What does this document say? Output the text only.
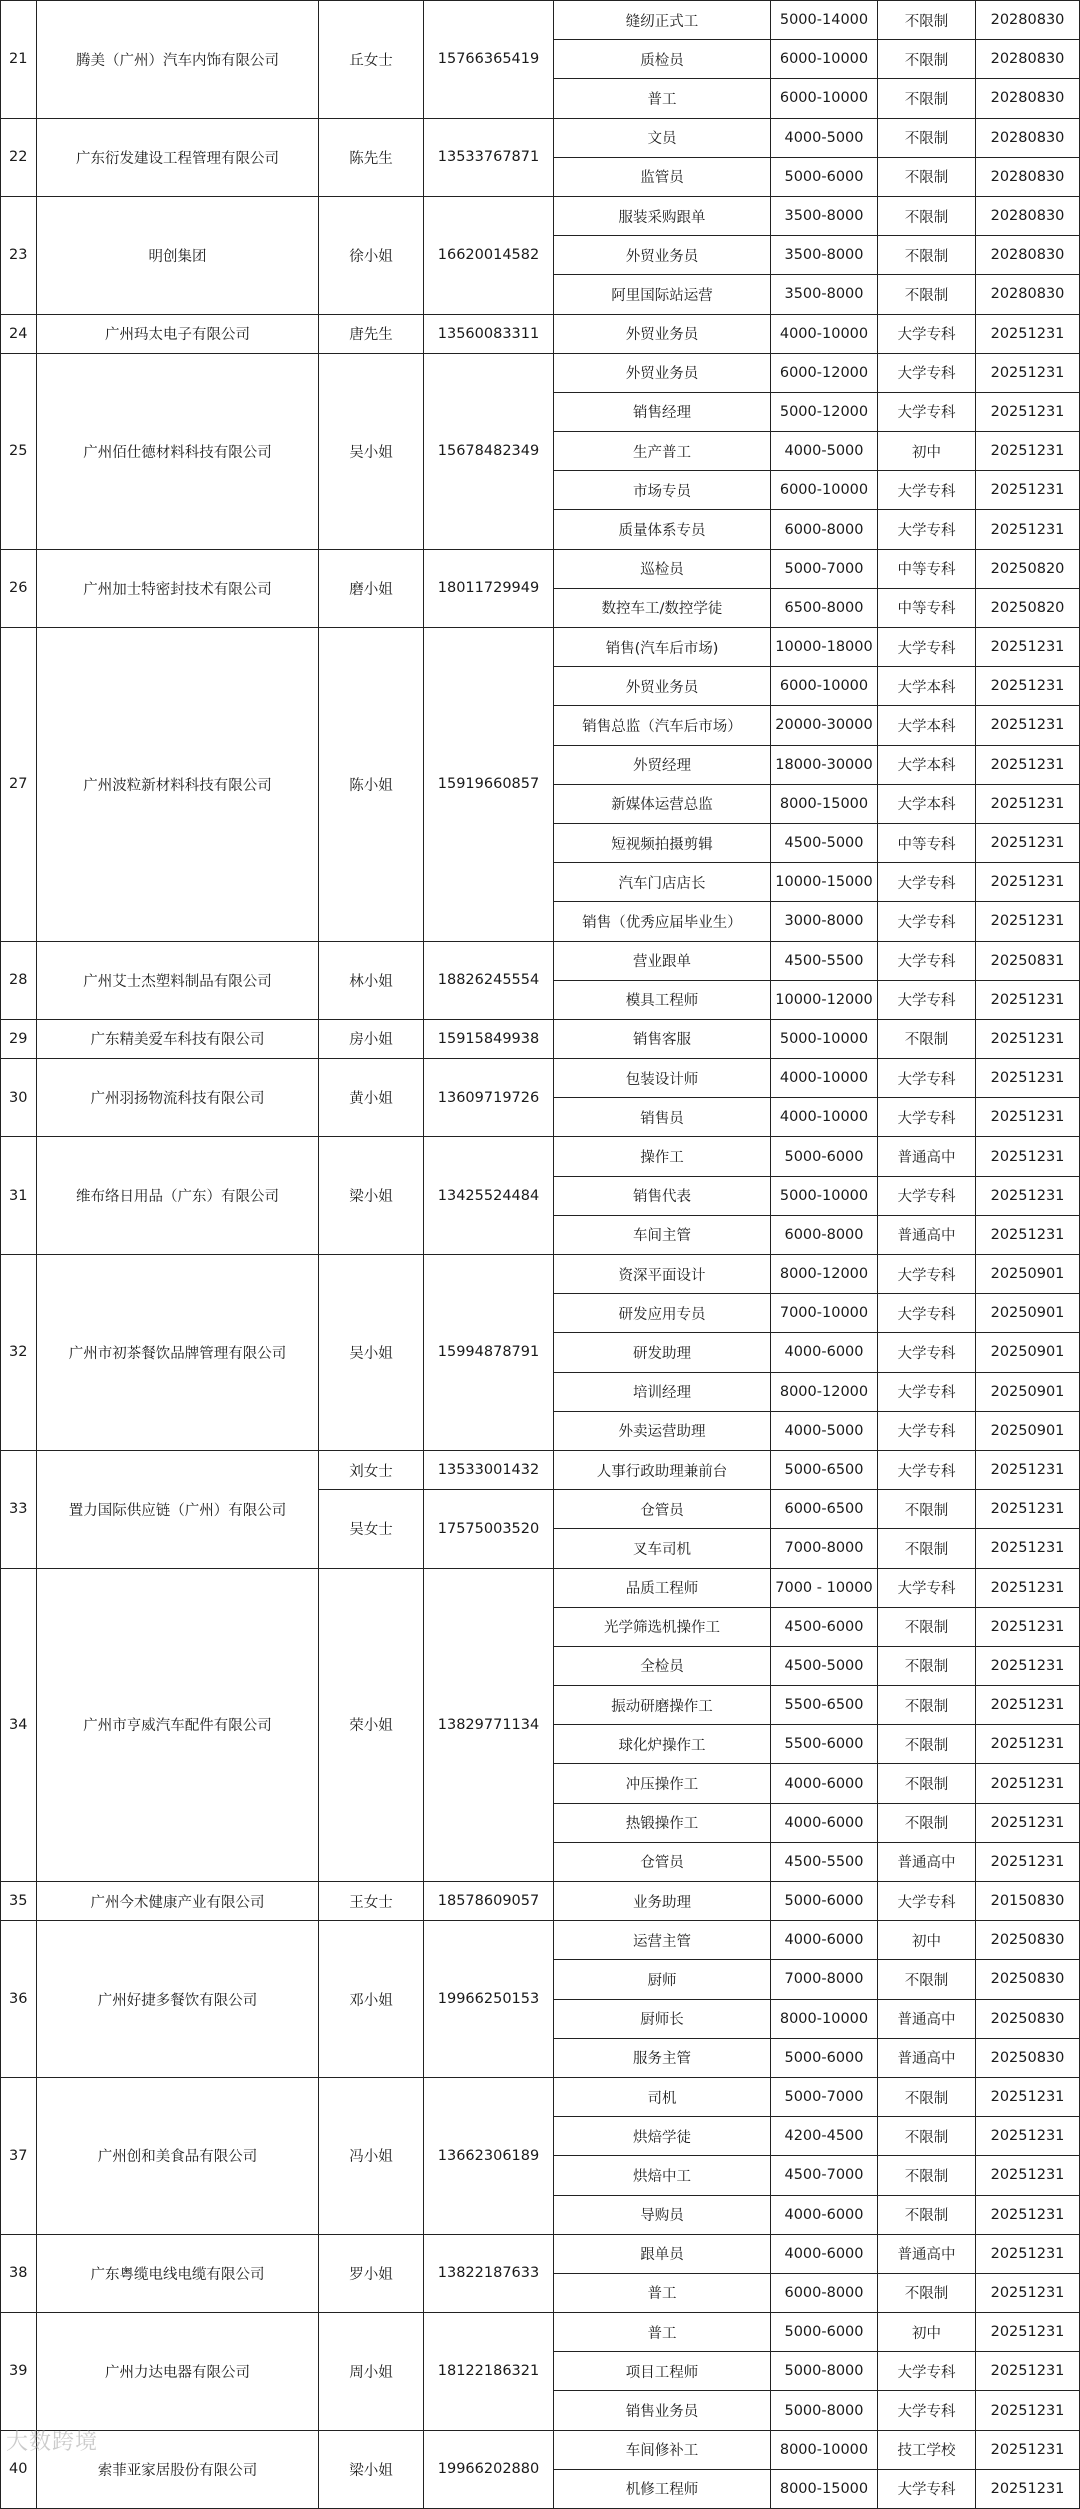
21	腾美（广州）汽车内饰有限公司	丘女士	15766365419	缝纫正式工	5000-14000	不限制	20280830
				质检员	6000-10000	不限制	20280830
				普工	6000-10000	不限制	20280830
22	广东衍发建设工程管理有限公司	陈先生	13533767871	文员	4000-5000	不限制	20280830
				监管员	5000-6000	不限制	20280830
23	明创集团	徐小姐	16620014582	服装采购跟单	3500-8000	不限制	20280830
				外贸业务员	3500-8000	不限制	20280830
				阿里国际站运营	3500-8000	不限制	20280830
24	广州玛太电子有限公司	唐先生	13560083311	外贸业务员	4000-10000	大学专科	20251231
25	广州佰仕德材料科技有限公司	吴小姐	15678482349	外贸业务员	6000-12000	大学专科	20251231
				销售经理	5000-12000	大学专科	20251231
				生产普工	4000-5000	初中	20251231
				市场专员	6000-10000	大学专科	20251231
				质量体系专员	6000-8000	大学专科	20251231
26	广州加士特密封技术有限公司	磨小姐	18011729949	巡检员	5000-7000	中等专科	20250820
				数控车工/数控学徒	6500-8000	中等专科	20250820
27	广州波粒新材料科技有限公司	陈小姐	15919660857	销售(汽车后市场)	10000-18000	大学专科	20251231
				外贸业务员	6000-10000	大学本科	20251231
				销售总监（汽车后市场）	20000-30000	大学本科	20251231
				外贸经理	18000-30000	大学本科	20251231
				新媒体运营总监	8000-15000	大学本科	20251231
				短视频拍摄剪辑	4500-5000	中等专科	20251231
				汽车门店店长	10000-15000	大学专科	20251231
				销售（优秀应届毕业生）	3000-8000	大学专科	20251231
28	广州艾士杰塑料制品有限公司	林小姐	18826245554	营业跟单	4500-5500	大学专科	20250831
				模具工程师	10000-12000	大学专科	20251231
29	广东精美爱车科技有限公司	房小姐	15915849938	销售客服	5000-10000	不限制	20251231
30	广州羽扬物流科技有限公司	黄小姐	13609719726	包装设计师	4000-10000	大学专科	20251231
				销售员	4000-10000	大学专科	20251231
31	维布络日用品（广东）有限公司	梁小姐	13425524484	操作工	5000-6000	普通高中	20251231
				销售代表	5000-10000	大学专科	20251231
				车间主管	6000-8000	普通高中	20251231
32	广州市初茶餐饮品牌管理有限公司	吴小姐	15994878791	资深平面设计	8000-12000	大学专科	20250901
				研发应用专员	7000-10000	大学专科	20250901
				研发助理	4000-6000	大学专科	20250901
				培训经理	8000-12000	大学专科	20250901
				外卖运营助理	4000-5000	大学专科	20250901
33	置力国际供应链（广州）有限公司	刘女士	13533001432	人事行政助理兼前台	5000-6500	大学专科	20251231
		吴女士	17575003520	仓管员	6000-6500	不限制	20251231
				叉车司机	7000-8000	不限制	20251231
34	广州市亨威汽车配件有限公司	荣小姐	13829771134	品质工程师	7000 - 10000	大学专科	20251231
				光学筛选机操作工	4500-6000	不限制	20251231
				全检员	4500-5000	不限制	20251231
				振动研磨操作工	5500-6500	不限制	20251231
				球化炉操作工	5500-6000	不限制	20251231
				冲压操作工	4000-6000	不限制	20251231
				热锻操作工	4000-6000	不限制	20251231
				仓管员	4500-5500	普通高中	20251231
35	广州今术健康产业有限公司	王女士	18578609057	业务助理	5000-6000	大学专科	20150830
36	广州好捷多餐饮有限公司	邓小姐	19966250153	运营主管	4000-6000	初中	20250830
				厨师	7000-8000	不限制	20250830
				厨师长	8000-10000	普通高中	20250830
				服务主管	5000-6000	普通高中	20250830
37	广州创和美食品有限公司	冯小姐	13662306189	司机	5000-7000	不限制	20251231
				烘焙学徒	4200-4500	不限制	20251231
				烘焙中工	4500-7000	不限制	20251231
				导购员	4000-6000	不限制	20251231
38	广东粤缆电线电缆有限公司	罗小姐	13822187633	跟单员	4000-6000	普通高中	20251231
				普工	6000-8000	不限制	20251231
39	广州力达电器有限公司	周小姐	18122186321	普工	5000-6000	初中	20251231
				项目工程师	5000-8000	大学专科	20251231
				销售业务员	5000-8000	大学专科	20251231
40	索菲亚家居股份有限公司	梁小姐	19966202880	车间修补工	8000-10000	技工学校	20251231
				机修工程师	8000-15000	大学专科	20251231
大数跨境
